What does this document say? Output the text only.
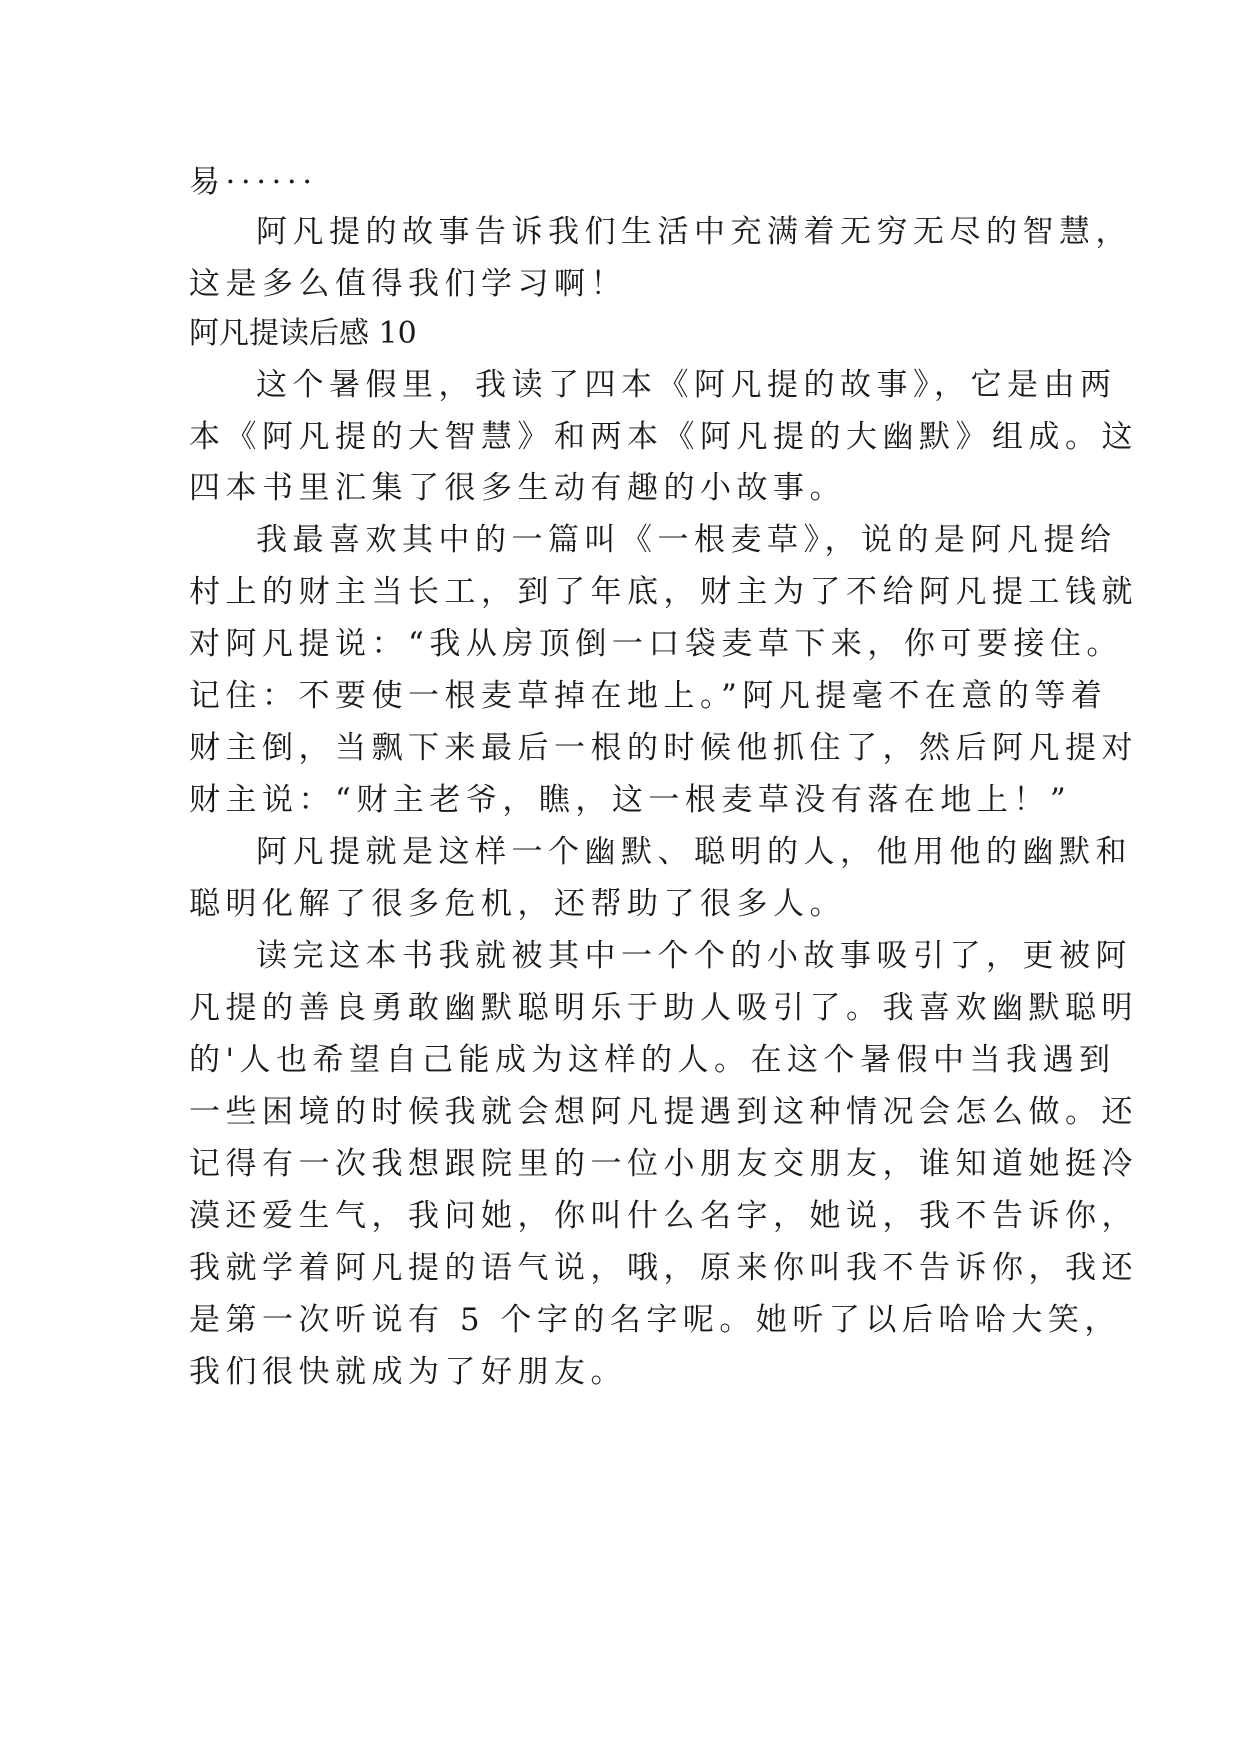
易······
阿凡提的故事告诉我们生活中充满着无穷无尽的智慧，
这是多么值得我们学习啊！
阿凡提读后感 10
这个暑假里，我读了四本《阿凡提的故事》，它是由两
本《阿凡提的大智慧》和两本《阿凡提的大幽默》组成。这
四本书里汇集了很多生动有趣的小故事。
我最喜欢其中的一篇叫《一根麦草》，说的是阿凡提给
村上的财主当长工，到了年底，财主为了不给阿凡提工钱就
对阿凡提说：“我从房顶倒一口袋麦草下来，你可要接住。
记住：不要使一根麦草掉在地上。”阿凡提毫不在意的等着
财主倒，当飘下来最后一根的时候他抓住了，然后阿凡提对
财主说：“财主老爷，瞧，这一根麦草没有落在地上！”
阿凡提就是这样一个幽默、聪明的人，他用他的幽默和
聪明化解了很多危机，还帮助了很多人。
读完这本书我就被其中一个个的小故事吸引了，更被阿
凡提的善良勇敢幽默聪明乐于助人吸引了。我喜欢幽默聪明
的'人也希望自己能成为这样的人。在这个暑假中当我遇到
一些困境的时候我就会想阿凡提遇到这种情况会怎么做。还
记得有一次我想跟院里的一位小朋友交朋友，谁知道她挺冷
漠还爱生气，我问她，你叫什么名字，她说，我不告诉你，
我就学着阿凡提的语气说，哦，原来你叫我不告诉你，我还
是第一次听说有 5 个字的名字呢。她听了以后哈哈大笑，
我们很快就成为了好朋友。
